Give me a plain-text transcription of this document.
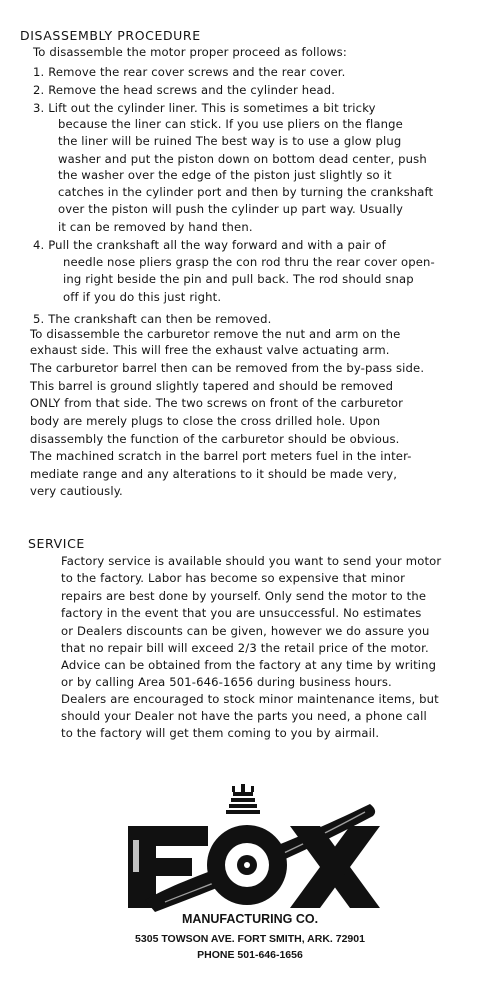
DISASSEMBLY PROCEDURE
To disassemble the motor proper proceed as follows:
1. Remove the rear cover screws and the rear cover.
2. Remove the head screws and the cylinder head.
3. Lift out the cylinder liner. This is sometimes a bit tricky
because the liner can stick. If you use pliers on the flange
the liner will be ruined The best way is to use a glow plug
washer and put the piston down on bottom dead center, push
the washer over the edge of the piston just slightly so it
catches in the cylinder port and then by turning the crankshaft
over the piston will push the cylinder up part way. Usually
it can be removed by hand then.
4. Pull the crankshaft all the way forward and with a pair of
needle nose pliers grasp the con rod thru the rear cover open-
ing right beside the pin and pull back. The rod should snap
off if you do this just right.
5. The crankshaft can then be removed.
To disassemble the carburetor remove the nut and arm on the
exhaust side. This will free the exhaust valve actuating arm.
The carburetor barrel then can be removed from the by-pass side.
This barrel is ground slightly tapered and should be removed
ONLY from that side. The two screws on front of the carburetor
body are merely plugs to close the cross drilled hole. Upon
disassembly the function of the carburetor should be obvious.
The machined scratch in the barrel port meters fuel in the inter-
mediate range and any alterations to it should be made very,
very cautiously.
SERVICE
Factory service is available should you want to send your motor
to the factory. Labor has become so expensive that minor
repairs are best done by yourself. Only send the motor to the
factory in the event that you are unsuccessful. No estimates
or Dealers discounts can be given, however we do assure you
that no repair bill will exceed 2/3 the retail price of the motor.
Advice can be obtained from the factory at any time by writing
or by calling Area 501-646-1656 during business hours.
Dealers are encouraged to stock minor maintenance items, but
should your Dealer not have the parts you need, a phone call
to the factory will get them coming to you by airmail.
MANUFACTURING CO.
5305 TOWSON AVE. FORT SMITH, ARK. 72901
PHONE 501-646-1656
